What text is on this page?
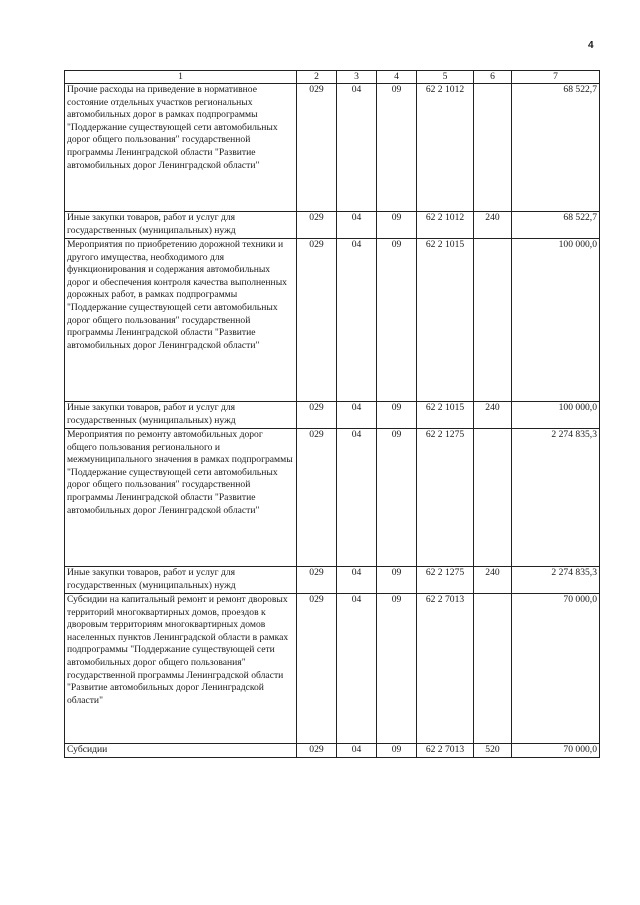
4
1	2	3	4	5	6	7
Прочие расходы на приведение в нормативное состояние отдельных участков региональных автомобильных дорог в рамках подпрограммы "Поддержание существующей сети автомобильных дорог общего пользования" государственной программы Ленинградской области "Развитие автомобильных дорог Ленинградской области"	029	04	09	62 2 1012		68 522,7
Иные закупки товаров, работ и услуг для государственных (муниципальных) нужд	029	04	09	62 2 1012	240	68 522,7
Мероприятия по приобретению дорожной техники и другого имущества, необходимого для функционирования и содержания автомобильных дорог и обеспечения контроля качества выполненных дорожных работ, в рамках подпрограммы "Поддержание существующей сети автомобильных дорог общего пользования" государственной программы Ленинградской области "Развитие автомобильных дорог Ленинградской области"	029	04	09	62 2 1015		100 000,0
Иные закупки товаров, работ и услуг для государственных (муниципальных) нужд	029	04	09	62 2 1015	240	100 000,0
Мероприятия по ремонту автомобильных дорог общего пользования регионального и межмуниципального значения в рамках подпрограммы "Поддержание существующей сети автомобильных дорог общего пользования" государственной программы Ленинградской области "Развитие автомобильных дорог Ленинградской области"	029	04	09	62 2 1275		2 274 835,3
Иные закупки товаров, работ и услуг для государственных (муниципальных) нужд	029	04	09	62 2 1275	240	2 274 835,3
Субсидии на капитальный ремонт и ремонт дворовых территорий многоквартирных домов, проездов к дворовым территориям многоквартирных домов населенных пунктов Ленинградской области в рамках подпрограммы "Поддержание существующей сети автомобильных дорог общего пользования" государственной программы Ленинградской области "Развитие автомобильных дорог Ленинградской области"	029	04	09	62 2 7013		70 000,0
Субсидии	029	04	09	62 2 7013	520	70 000,0
